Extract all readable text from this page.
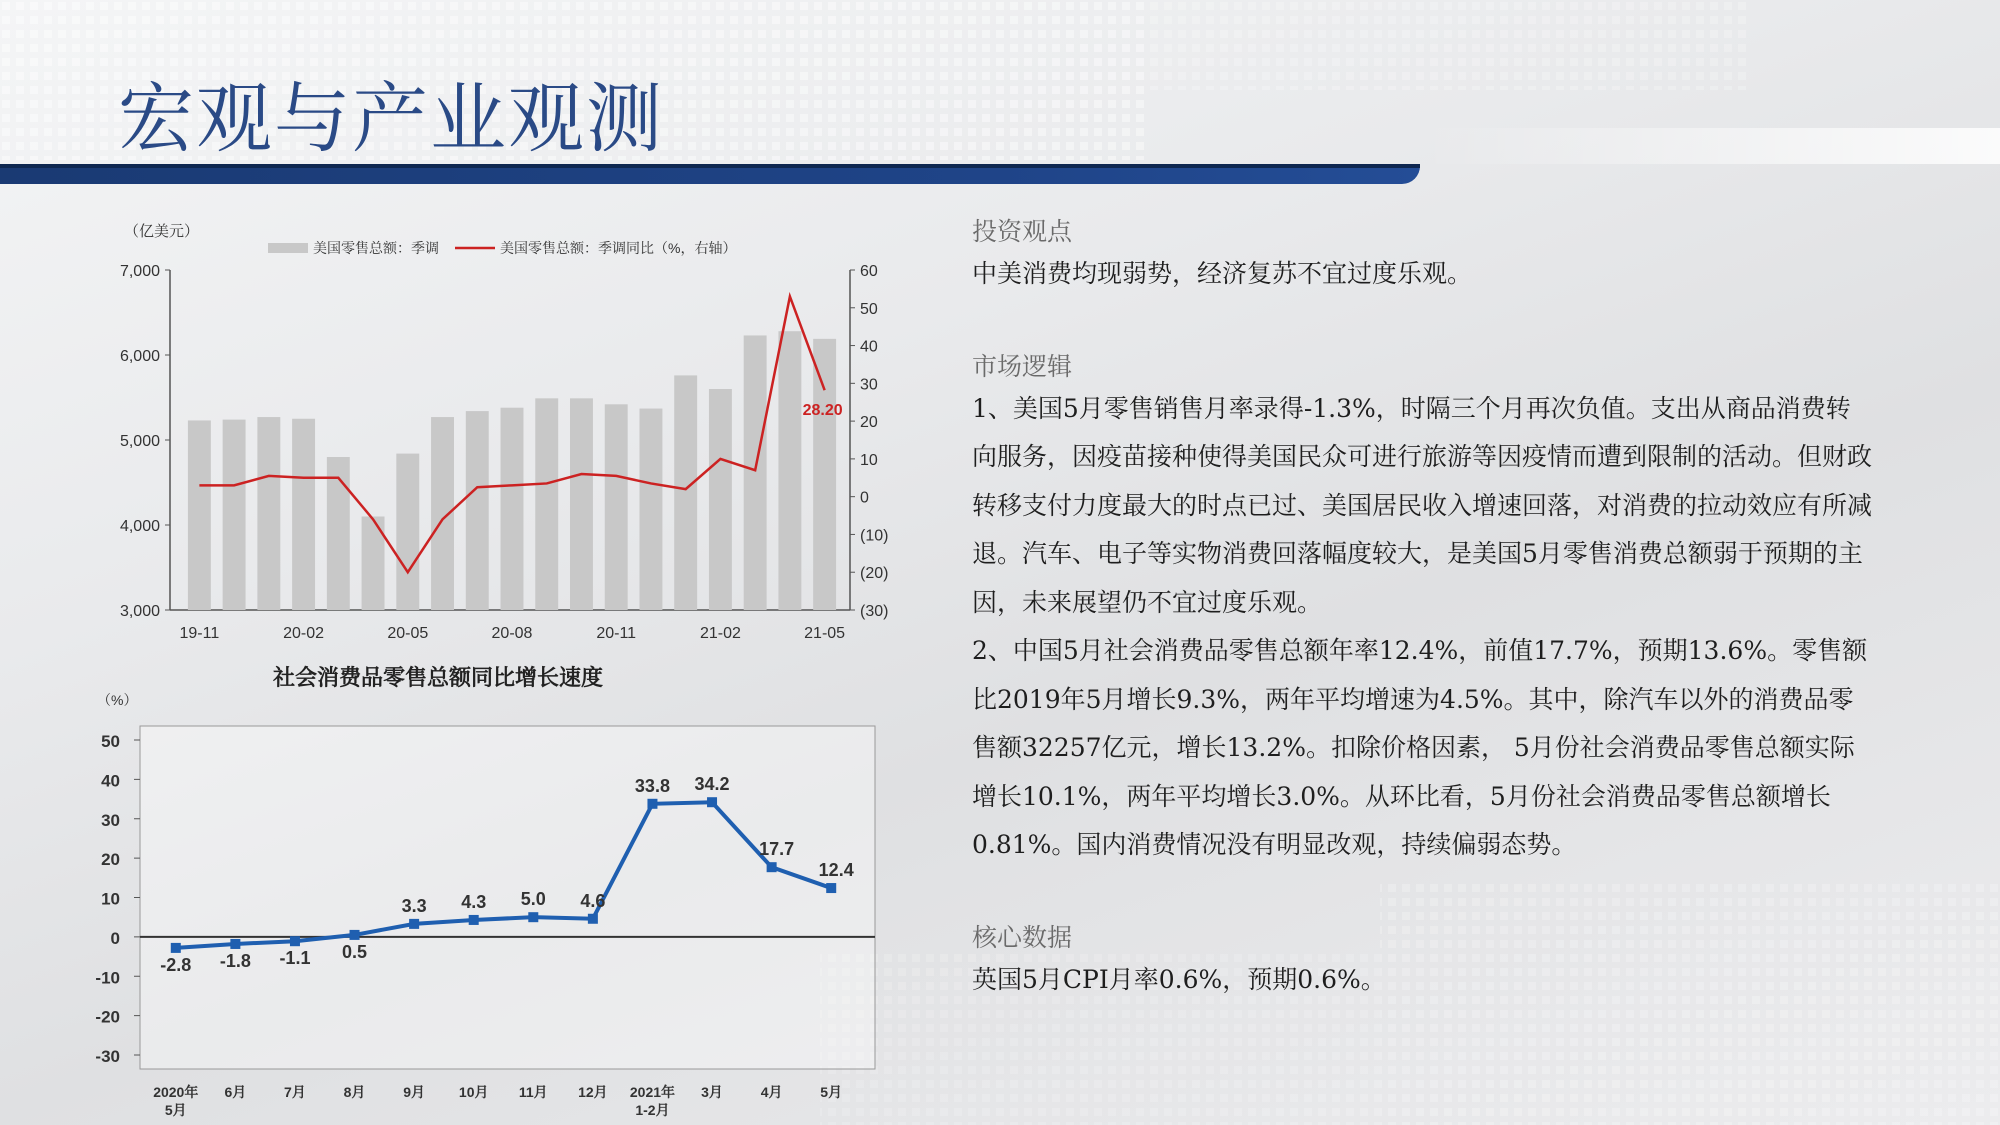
宏观与产业观测
（亿美元）
美国零售总额：季调	美国零售总额：季调同比（%，右轴）
7,000
6,000
5,000
4,000
3,000
60
50
40
30
20
10
0
(10)
(20)
(30)
19-11	20-02	20-05	20-08	20-11	21-02	21-05
28.20
社会消费品零售总额同比增长速度
（%）
50
40
30
20
10
0
-10
-20
-30
-2.8 -1.8 -1.1 0.5
3.3 4.3 5.0 4.6
33.8 34.2
17.7
12.4
2020年
5月
6月	7月	8月	9月 10月 11月 12月 2021年
1-2月
3月	4月	5月
投资观点

中美消费均现弱势，经济复苏不宜过度乐观。

市场逻辑

1、美国5月零售销售月率录得-1.3%，时隔三个月再次负值。支出从商品消费转向服务，因疫苗接种使得美国民众可进行旅游等因疫情而遭到限制的活动。但财政转移支付力度最大的时点已过、美国居民收入增速回落，对消费的拉动效应有所减退。汽车、电子等实物消费回落幅度较大，是美国5月零售消费总额弱于预期的主因，未来展望仍不宜过度乐观。

2、中国5月社会消费品零售总额年率12.4%，前值17.7%，预期13.6%。零售额比2019年5月增长9.3%，两年平均增速为4.5%。其中，除汽车以外的消费品零售额32257亿元，增长13.2%。扣除价格因素， 5月份社会消费品零售总额实际增长10.1%，两年平均增长3.0%。从环比看，5月份社会消费品零售总额增长0.81%。国内消费情况没有明显改观，持续偏弱态势。

核心数据

英国5月CPI月率0.6%，预期0.6%。
